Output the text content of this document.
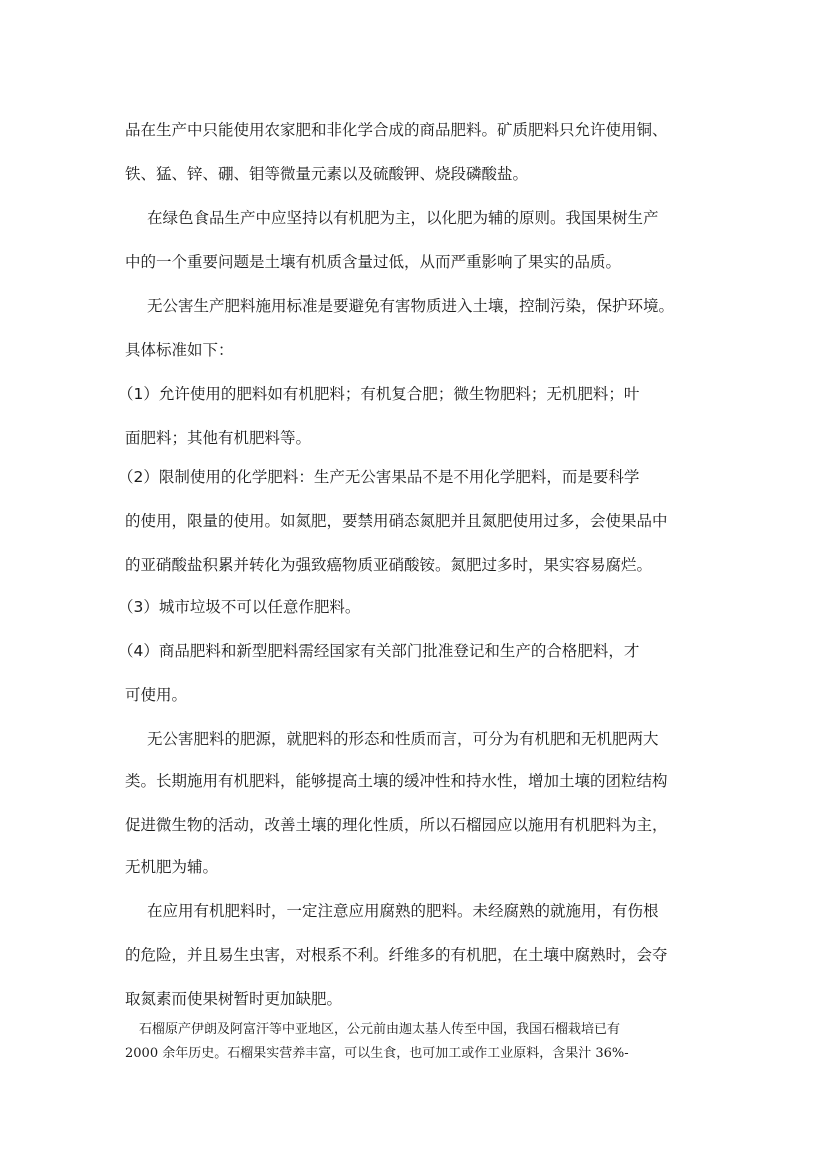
品在生产中只能使用农家肥和非化学合成的商品肥料。矿质肥料只允许使用铜、
铁、猛、锌、硼、钼等微量元素以及硫酸钾、烧段磷酸盐。
在绿色食品生产中应坚持以有机肥为主，以化肥为辅的原则。我国果树生产
中的一个重要问题是土壤有机质含量过低，从而严重影响了果实的品质。
无公害生产肥料施用标准是要避免有害物质进入土壤，控制污染，保护环境。
具体标准如下：
（1）允许使用的肥料如有机肥料；有机复合肥；微生物肥料；无机肥料；叶
面肥料；其他有机肥料等。
（2）限制使用的化学肥料：生产无公害果品不是不用化学肥料，而是要科学
的使用，限量的使用。如氮肥，要禁用硝态氮肥并且氮肥使用过多，会使果品中
的亚硝酸盐积累并转化为强致癌物质亚硝酸铵。氮肥过多时，果实容易腐烂。
（3）城市垃圾不可以任意作肥料。
（4）商品肥料和新型肥料需经国家有关部门批准登记和生产的合格肥料，才
可使用。
无公害肥料的肥源，就肥料的形态和性质而言，可分为有机肥和无机肥两大
类。长期施用有机肥料，能够提高土壤的缓冲性和持水性，增加土壤的团粒结构
促进微生物的活动，改善土壤的理化性质，所以石榴园应以施用有机肥料为主，
无机肥为辅。
在应用有机肥料时，一定注意应用腐熟的肥料。未经腐熟的就施用，有伤根
的危险，并且易生虫害，对根系不利。纤维多的有机肥，在土壤中腐熟时，会夺
取氮素而使果树暂时更加缺肥。
石榴原产伊朗及阿富汗等中亚地区，公元前由迦太基人传至中国，我国石榴栽培已有
2000 余年历史。石榴果实营养丰富，可以生食，也可加工或作工业原料，含果汁 36%-
